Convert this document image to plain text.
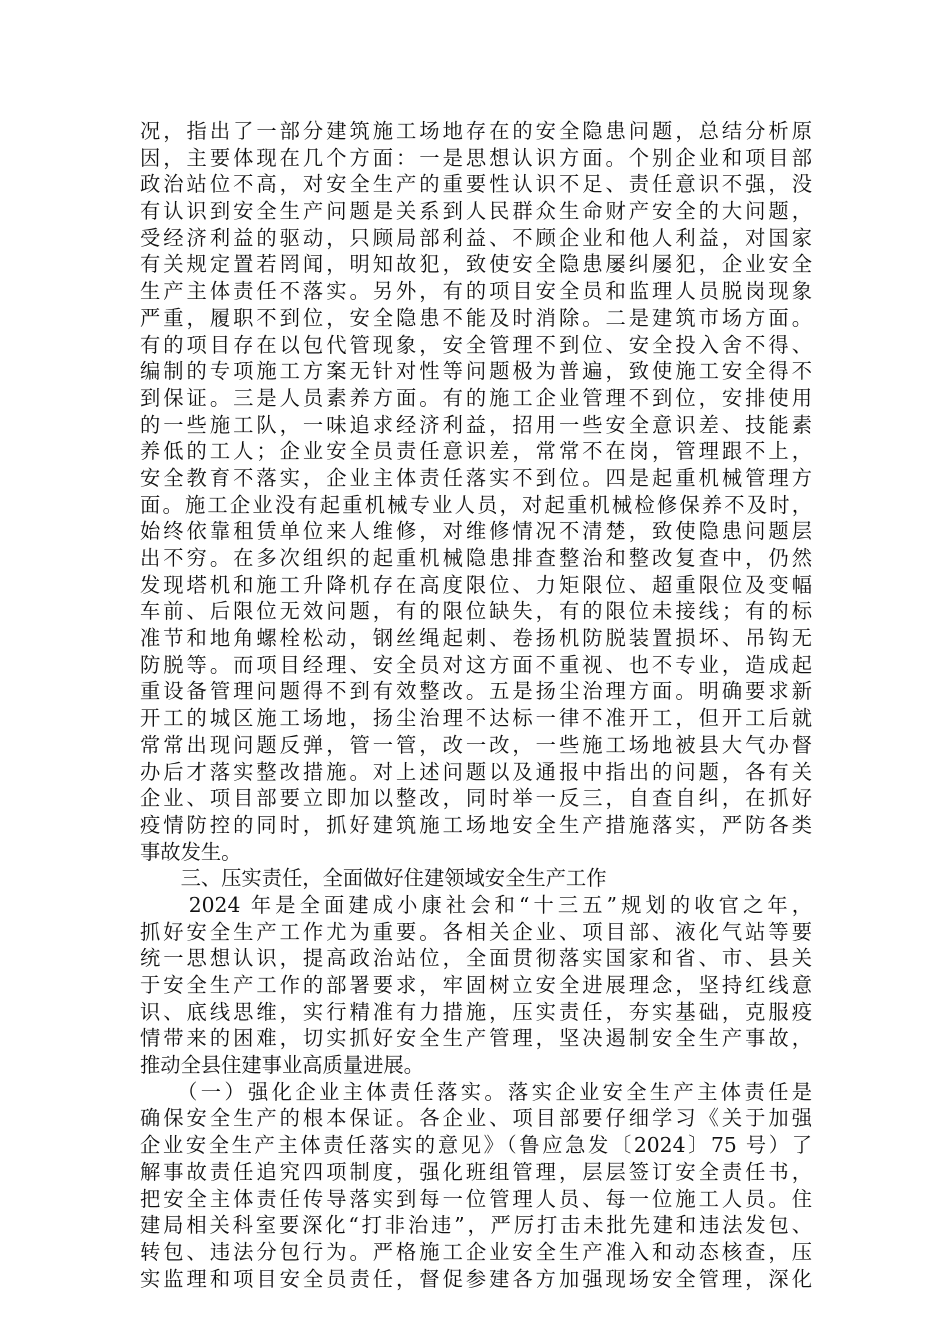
况，指出了一部分建筑施工场地存在的安全隐患问题，总结分析原
因，主要体现在几个方面：一是思想认识方面。个别企业和项目部
政治站位不高，对安全生产的重要性认识不足、责任意识不强，没
有认识到安全生产问题是关系到人民群众生命财产安全的大问题，
受经济利益的驱动，只顾局部利益、不顾企业和他人利益，对国家
有关规定置若罔闻，明知故犯，致使安全隐患屡纠屡犯，企业安全
生产主体责任不落实。另外，有的项目安全员和监理人员脱岗现象
严重，履职不到位，安全隐患不能及时消除。二是建筑市场方面。
有的项目存在以包代管现象，安全管理不到位、安全投入舍不得、
编制的专项施工方案无针对性等问题极为普遍，致使施工安全得不
到保证。三是人员素养方面。有的施工企业管理不到位，安排使用
的一些施工队，一味追求经济利益，招用一些安全意识差、技能素
养低的工人；企业安全员责任意识差，常常不在岗，管理跟不上，
安全教育不落实，企业主体责任落实不到位。四是起重机械管理方
面。施工企业没有起重机械专业人员，对起重机械检修保养不及时，
始终依靠租赁单位来人维修，对维修情况不清楚，致使隐患问题层
出不穷。在多次组织的起重机械隐患排查整治和整改复查中，仍然
发现塔机和施工升降机存在高度限位、力矩限位、超重限位及变幅
车前、后限位无效问题，有的限位缺失，有的限位未接线；有的标
准节和地角螺栓松动，钢丝绳起刺、卷扬机防脱装置损坏、吊钩无
防脱等。而项目经理、安全员对这方面不重视、也不专业，造成起
重设备管理问题得不到有效整改。五是扬尘治理方面。明确要求新
开工的城区施工场地，扬尘治理不达标一律不准开工，但开工后就
常常出现问题反弹，管一管，改一改，一些施工场地被县大气办督
办后才落实整改措施。对上述问题以及通报中指出的问题，各有关
企业、项目部要立即加以整改，同时举一反三，自查自纠，在抓好
疫情防控的同时，抓好建筑施工场地安全生产措施落实，严防各类
事故发生。
　　三、压实责任，全面做好住建领域安全生产工作
　　2024 年是全面建成小康社会和“十三五”规划的收官之年，
抓好安全生产工作尤为重要。各相关企业、项目部、液化气站等要
统一思想认识，提高政治站位，全面贯彻落实国家和省、市、县关
于安全生产工作的部署要求，牢固树立安全进展理念，坚持红线意
识、底线思维，实行精准有力措施，压实责任，夯实基础，克服疫
情带来的困难，切实抓好安全生产管理，坚决遏制安全生产事故，
推动全县住建事业高质量进展。
　　（一）强化企业主体责任落实。落实企业安全生产主体责任是
确保安全生产的根本保证。各企业、项目部要仔细学习《关于加强
企业安全生产主体责任落实的意见》（鲁应急发〔2024〕75 号）了
解事故责任追究四项制度，强化班组管理，层层签订安全责任书，
把安全主体责任传导落实到每一位管理人员、每一位施工人员。住
建局相关科室要深化“打非治违”，严厉打击未批先建和违法发包、
转包、违法分包行为。严格施工企业安全生产准入和动态核查，压
实监理和项目安全员责任，督促参建各方加强现场安全管理，深化
